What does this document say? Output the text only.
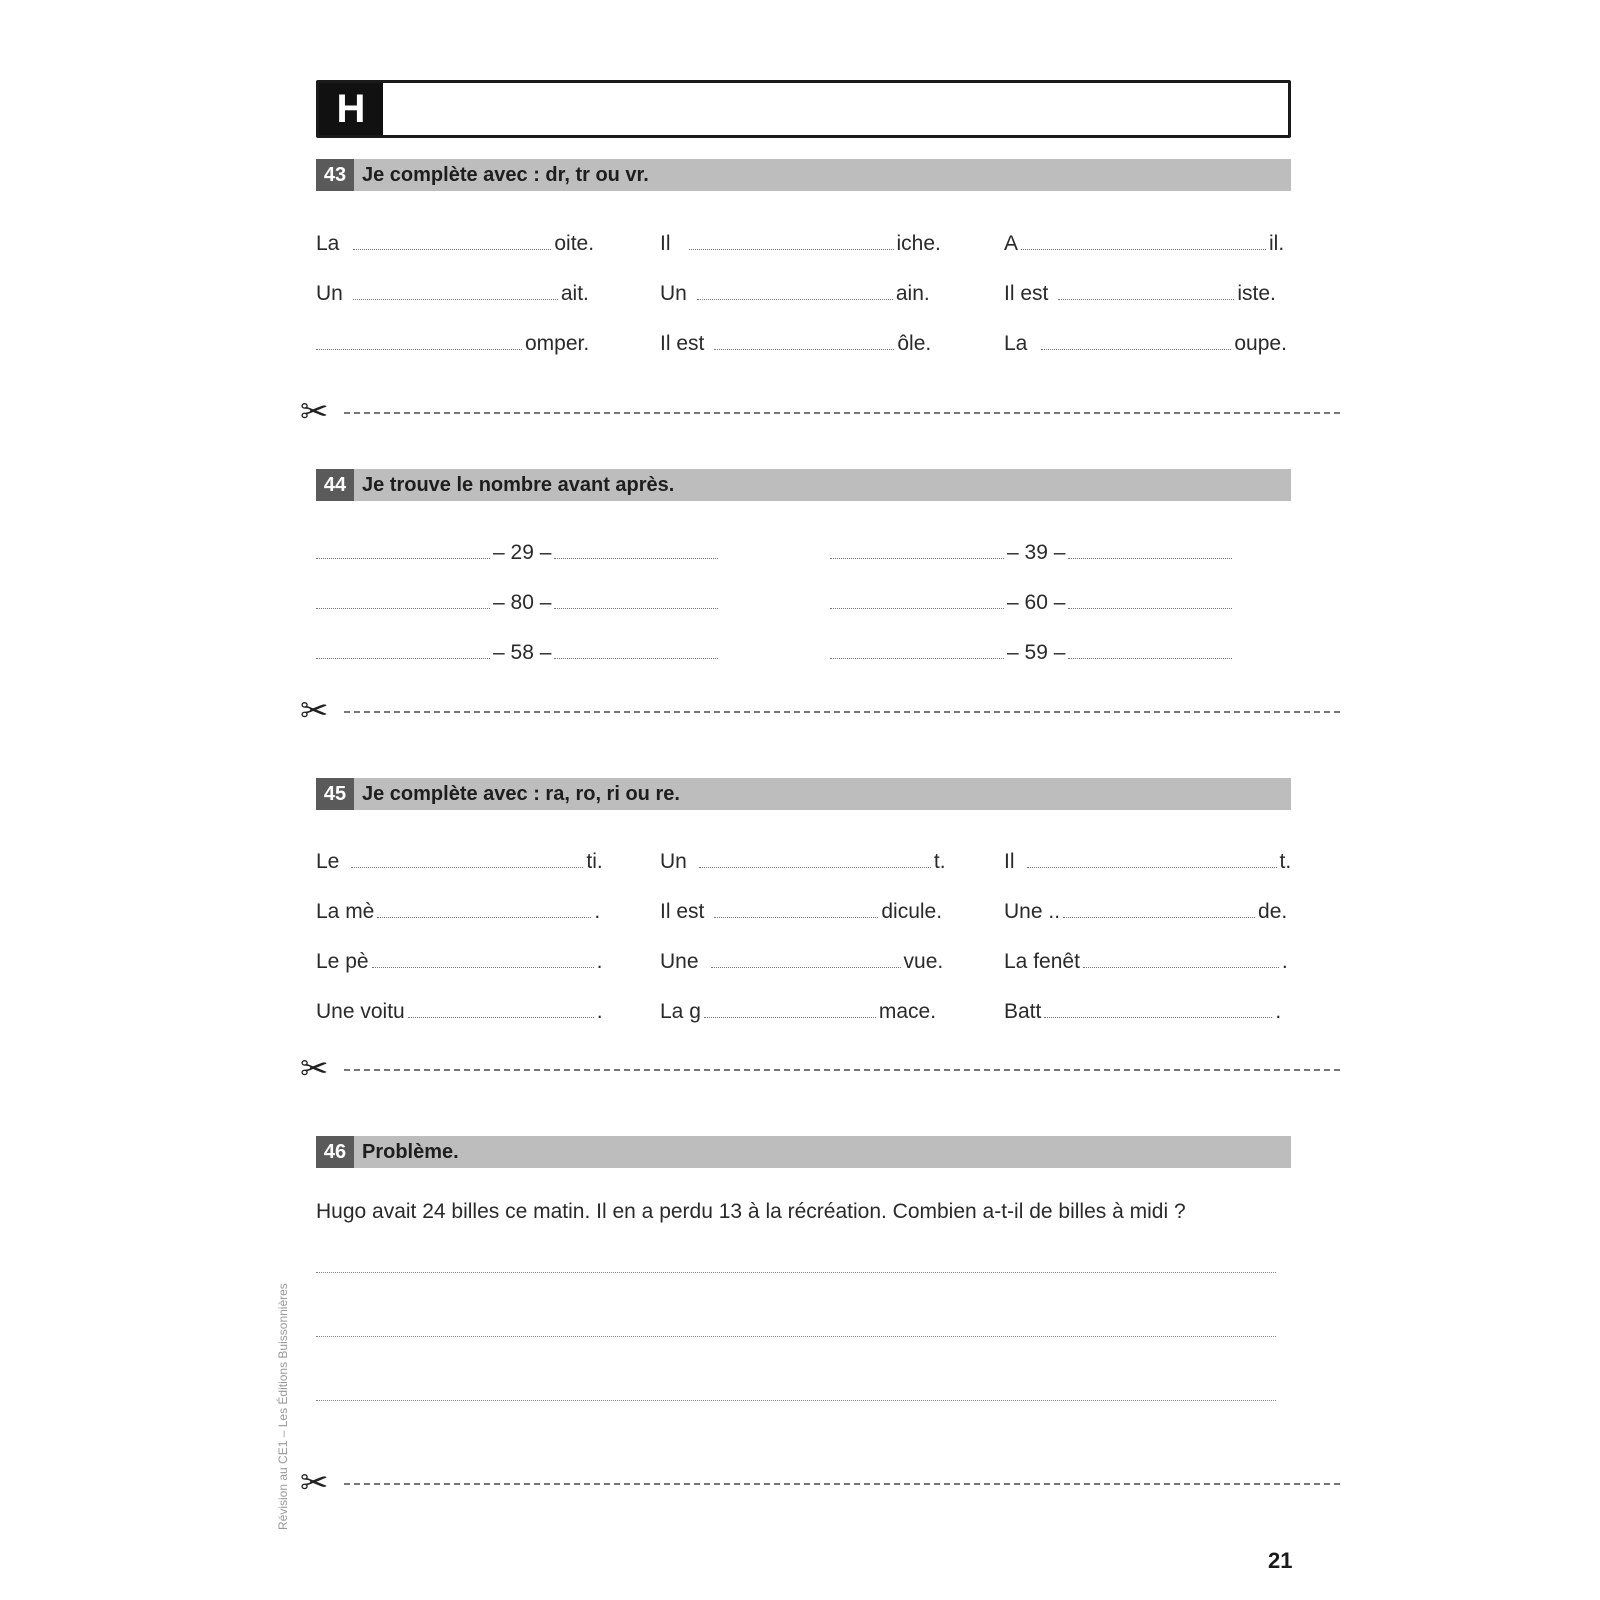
H
43 Je complète avec : dr, tr ou vr.
La	oite.	Il	iche.	A	il.
Un	ait.	Un	ain.	Il est	iste.
omper.	Il est	ôle.	La	oupe.
✂
44 Je trouve le nombre avant après.
– 29 –	– 39 –
– 80 –	– 60 –
– 58 –	– 59 –
✂
45 Je complète avec : ra, ro, ri ou re.
Le	ti.	Un	t.	Il	t.
La mè	.	Il est	dicule.	Une ..	de.
Le pè	.	Une	vue.	La fenêt	.
Une voitu	.	La g	mace.	Batt	.
✂
46 Problème.
Hugo avait 24 billes ce matin. Il en a perdu 13 à la récréation. Combien a-t-il de billes à midi ?
✂
Révision au CE1 – Les Éditions Buissonnières
21
